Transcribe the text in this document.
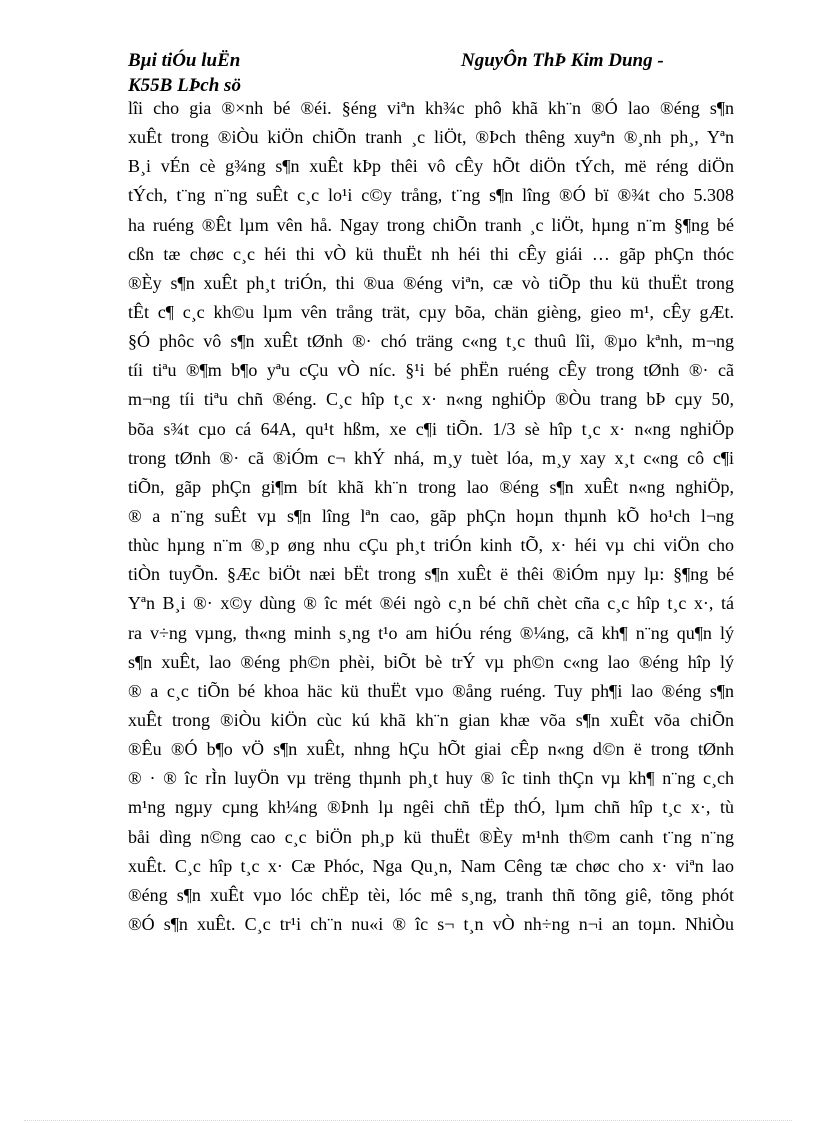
Bµi tiÓu luËn	NguyÔn ThÞ Kim Dung -
K55B LÞch sö
lîi cho gia ®×nh bé ®éi. §éng viªn kh¾c phô khã kh¨n ®Ó lao ®éng s¶n
xuÊt trong ®iÒu kiÖn chiÕn tranh ¸c liÖt, ®Þch thêng xuyªn ®¸nh ph¸, Yªn
B¸i vÉn cè g¾ng s¶n xuÊt kÞp thêi vô cÊy hÕt diÖn tÝch, më réng diÖn
tÝch, t¨ng n¨ng suÊt c¸c lo¹i c©y trång, t¨ng s¶n lîng ®Ó bï ®¾t cho 5.308
ha ruéng ®Êt lµm vên hå. Ngay trong chiÕn tranh ¸c liÖt, hµng n¨m §¶ng bé
cßn tæ chøc c¸c héi thi vÒ kü thuËt nh héi thi cÊy giái … gãp phÇn thóc
®Èy s¶n xuÊt ph¸t triÓn, thi ®ua ®éng viªn, cæ vò tiÕp thu kü thuËt trong
tÊt c¶ c¸c kh©u lµm vên trång trät, cµy bõa, chän gièng, gieo m¹, cÊy gÆt.
§Ó phôc vô s¶n xuÊt tØnh ®· chó träng c«ng t¸c thuû lîi, ®µo kªnh, m¬ng
tíi tiªu ®¶m b¶o yªu cÇu vÒ níc. §¹i bé phËn ruéng cÊy trong tØnh ®· cã
m¬ng tíi tiªu chñ ®éng. C¸c hîp t¸c x· n«ng nghiÖp ®Òu trang bÞ cµy 50,
bõa s¾t cµo cá 64A, qu¹t hßm, xe c¶i tiÕn. 1/3 sè hîp t¸c x· n«ng nghiÖp
trong tØnh ®· cã ®iÓm c¬ khÝ nhá, m¸y tuèt lóa, m¸y xay x¸t c«ng cô c¶i
tiÕn, gãp phÇn gi¶m bít khã kh¨n trong lao ®éng s¶n xuÊt n«ng nghiÖp,
® a n¨ng suÊt vµ s¶n lîng lªn cao, gãp phÇn hoµn thµnh kÕ ho¹ch l¬ng
thùc hµng n¨m ®¸p øng nhu cÇu ph¸t triÓn kinh tÕ, x· héi vµ chi viÖn cho
tiÒn tuyÕn. §Æc biÖt næi bËt trong s¶n xuÊt ë thêi ®iÓm nµy lµ: §¶ng bé
Yªn B¸i ®· x©y dùng ® îc mét ®éi ngò c¸n bé chñ chèt cña c¸c hîp t¸c x·, tá
ra v÷ng vµng, th«ng minh s¸ng t¹o am hiÓu réng ®¼ng, cã kh¶ n¨ng qu¶n lý
s¶n xuÊt, lao ®éng ph©n phèi, biÕt bè trÝ vµ ph©n c«ng lao ®éng hîp lý
® a c¸c tiÕn bé khoa häc kü thuËt vµo ®ång ruéng. Tuy ph¶i lao ®éng s¶n
xuÊt trong ®iÒu kiÖn cùc kú khã kh¨n gian khæ võa s¶n xuÊt võa chiÕn
®Êu ®Ó b¶o vÖ s¶n xuÊt, nhng hÇu hÕt giai cÊp n«ng d©n ë trong tØnh
® · ® îc rÌn luyÖn vµ trëng thµnh ph¸t huy ® îc tinh thÇn vµ kh¶ n¨ng c¸ch
m¹ng ngµy cµng kh¼ng ®Þnh lµ ngêi chñ tËp thÓ, lµm chñ hîp t¸c x·, tù
båi dìng n©ng cao c¸c biÖn ph¸p kü thuËt ®Èy m¹nh th©m canh t¨ng n¨ng
xuÊt. C¸c hîp t¸c x· Cæ Phóc, Nga Qu¸n, Nam Cêng tæ chøc cho x· viªn lao
®éng s¶n xuÊt vµo lóc chËp tèi, lóc mê s¸ng, tranh thñ tõng giê, tõng phót
®Ó s¶n xuÊt. C¸c tr¹i ch¨n nu«i ® îc s¬ t¸n vÒ nh÷ng n¬i an toµn. NhiÒu
